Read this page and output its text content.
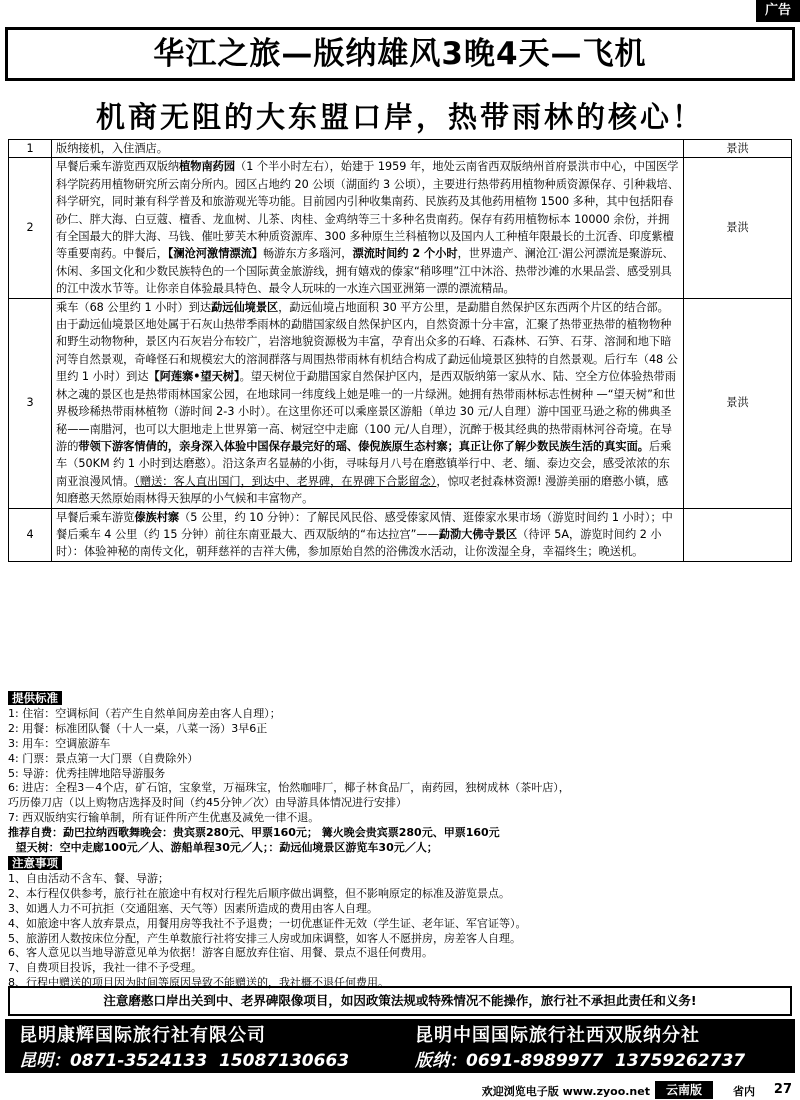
广告
华江之旅—版纳雄风3晚4天—飞机
机商无阻的大东盟口岸，热带雨林的核心！
1	版纳接机，入住酒店。	景洪
2	早餐后乘车游览西双版纳植物南药园（1 个半小时左右），始建于 1959 年，地处云南省西双版纳州首府景洪市中心，中国医学科学院药用植物研究所云南分所内。园区占地约 20 公顷（湖面约 3 公顷），主要进行热带药用植物种质资源保存、引种栽培、科学研究，同时兼有科学普及和旅游观光等功能。目前园内引种收集南药、民族药及其他药用植物 1500 多种，其中包括阳春砂仁、胖大海、白豆蔻、檀香、龙血树、儿茶、肉桂、金鸡纳等三十多种名贵南药。保存有药用植物标本 10000 余份，并拥有全国最大的胖大海、马钱、催吐萝芙木种质资源库、300 多种原生兰科植物以及国内人工种植年限最长的土沉香、印度紫檀等重要南药。中餐后，【澜沧河激情漂流】畅游东方多瑙河，漂流时间约 2 个小时，世界遗产、澜沧江·湄公河漂流是聚游玩、休闲、多国文化和少数民族特色的一个国际黄金旅游线，拥有嬉戏的傣家“稍哆哩”江中沐浴、热带沙滩的水果品尝、感受别具的江中泼水节等。让你亲自体验最具特色、最令人玩味的一水连六国亚洲第一漂的漂流精品。	景洪
3	乘车（68 公里约 1 小时）到达勐远仙境景区，勐远仙境占地面积 30 平方公里，是勐腊自然保护区东西两个片区的结合部。由于勐远仙境景区地处属于石灰山热带季雨林的勐腊国家级自然保护区内，自然资源十分丰富，汇聚了热带亚热带的植物物种和野生动物物种，景区内石灰岩分布较广，岩溶地貌资源极为丰富，孕育出众多的石峰、石森林、石笋、石芽、溶洞和地下暗河等自然景观，奇峰怪石和规模宏大的溶洞群落与周围热带雨林有机结合构成了勐远仙境景区独特的自然景观。后行车（48 公里约 1 小时）到达【阿莲寨•望天树】。望天树位于勐腊国家自然保护区内，是西双版纳第一家从水、陆、空全方位体验热带雨林之魂的景区也是热带雨林国家公园，在地球同一纬度线上她是唯一的一片绿洲。她拥有热带雨林标志性树种 —“望天树”和世界极珍稀热带雨林植物（游时间 2-3 小时）。在这里你还可以乘座景区游船（单边 30 元/人自理）游中国亚马逊之称的佛典圣秘——南腊河，也可以大胆地走上世界第一高、树冠空中走廊（100 元/人自理），沉醉于极其经典的热带雨林河谷奇境。在导游的带领下游客情倩的，亲身深入体验中国保存最完好的瑶、傣倪族原生态村寨；真正让你了解少数民族生活的真实面。后乘车（50KM 约 1 小时到达磨憨）。沿这条声名显赫的小街，寻味每月八号在磨憨镇举行中、老、缅、泰边交会，感受浓浓的东南亚浪漫风情。（赠送：客人直出国门，到达中、老界碑，在界碑下合影留念），惊叹老挝森林资源! 漫游美丽的磨憨小镇，感知磨憨天然原始雨林得天独厚的小气候和丰富物产。	景洪
4	早餐后乘车游览傣族村寨（5 公里，约 10 分钟）：了解民风民俗、感受傣家风情、逛傣家水果市场（游览时间约 1 小时）；中餐后乘车 4 公里（约 15 分钟）前往东南亚最大、西双版纳的“布达拉宫”——勐泐大佛寺景区（待评 5A，游览时间约 2 小时）：体验神秘的南传文化，朝拜慈祥的吉祥大佛，参加原始自然的浴佛泼水活动，让你泼湿全身，幸福终生；晚送机。	
提供标准
1: 住宿：空调标间（若产生自然单间房差由客人自理）；
2: 用餐：标准团队餐（十人一桌，八菜一汤）3早6正
3: 用车：空调旅游车
4: 门票：景点第一大门票（自费除外）
5: 导游：优秀挂牌地陪导游服务
6: 进店：全程3－4个店，矿石馆，宝象堂，万福珠宝，怡然咖啡厂，椰子林食品厂，南药园，独树成林（茶叶店），
巧历傣刀店（以上购物店选择及时间（约45分钟／次）由导游具体情况进行安排）
7: 西双版纳实行输单制，所有证件所产生优惠及减免一律不退。
推荐自费：勐巴拉纳西歌舞晚会：贵宾票280元、甲票160元； 篝火晚会贵宾票280元、甲票160元
望天树：空中走廊100元／人、游船单程30元／人；：勐远仙境景区游览车30元／人；
注意事项
1、自由活动不含车、餐、导游；
2、本行程仅供参考，旅行社在旅途中有权对行程先后顺序做出调整，但不影响原定的标准及游览景点。
3、如遇人力不可抗拒（交通阻塞、天气等）因素所造成的费用由客人自理。
4、如旅途中客人放弃景点，用餐用房等我社不予退费；一切优惠证件无效（学生证、老年证、军官证等）。
5、旅游团人数按床位分配，产生单数旅行社将安排三人房或加床调整，如客人不愿拼房，房差客人自理。
6、客人意见以当地导游意见单为依据！游客自愿放弃住宿、用餐、景点不退任何费用。
7、自费项目投诉，我社一律不予受理。
8、行程中赠送的项目因为时间等原因导致不能赠送的，我社概不退任何费用。
注意磨憨口岸出关到中、老界碑限像项目，如因政策法规或特殊情况不能操作，旅行社不承担此责任和义务!
昆明康辉国际旅行社有限公司
昆明：0871-3524133  15087130663
昆明中国国际旅行社西双版纳分社
版纳：0691-8989977  13759262737
欢迎浏览电子版 www.zyoo.net	云南版	省内 27
